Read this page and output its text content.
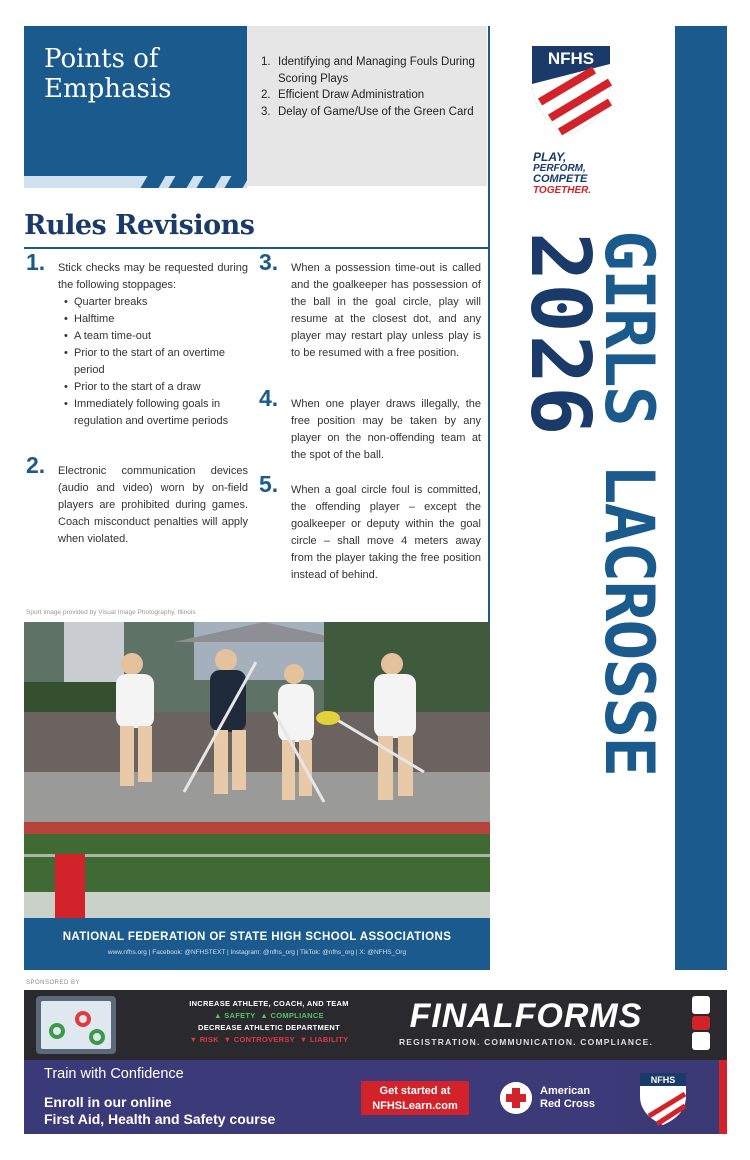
Points of
Emphasis
1. Identifying and Managing Fouls During Scoring Plays
2. Efficient Draw Administration
3. Delay of Game/Use of the Green Card
Rules Revisions
1. Stick checks may be requested during the following stoppages:

• Quarter breaks
• Halftime
• A team time-out
• Prior to the start of an overtime period
• Prior to the start of a draw
• Immediately following goals in regulation and overtime periods
2. Electronic communication devices (audio and video) worn by on-field players are prohibited during games. Coach misconduct penalties will apply when violated.

3. When a possession time-out is called and the goalkeeper has possession of the ball in the goal circle, play will resume at the closest dot, and any player may restart play unless play is to be resumed with a free position.

4. When one player draws illegally, the free position may be taken by any player on the non-offending team at the spot of the ball.

5. When a goal circle foul is committed, the offending player – except the goalkeeper or deputy within the goal circle – shall move 4 meters away from the player taking the free position instead of behind.

Sport image provided by Visual Image Photography, Illinois
NATIONAL FEDERATION OF STATE HIGH SCHOOL ASSOCIATIONS
www.nfhs.org | Facebook: @NFHSTEXT | Instagram: @nfhs_org | TikTok: @nfhs_org | X: @NFHS_Org
NFHS
PLAY,
PERFORM,
COMPETE
TOGETHER.
2026
GIRLS LACROSSE
SPONSORED BY
INCREASE ATHLETE, COACH, AND TEAM
▲ SAFETY ▲ COMPLIANCE
DECREASE ATHLETIC DEPARTMENT
▼ RISK ▼ CONTROVERSY ▼ LIABILITY
FINALFORMS
REGISTRATION. COMMUNICATION. COMPLIANCE.
Train with Confidence
Enroll in our online
First Aid, Health and Safety course
Get started at
NFHSLearn.com
American
Red Cross
NFHS
